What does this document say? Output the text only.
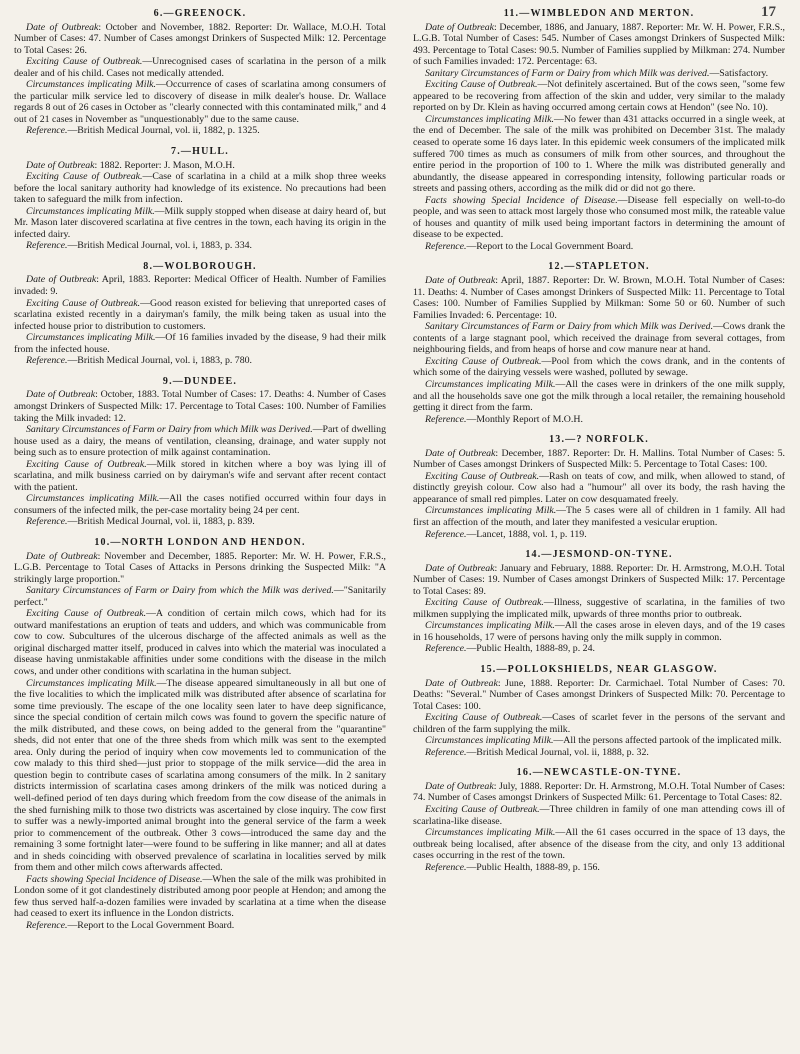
17
6.—GREENOCK.

Date of Outbreak: October and November, 1882. Reporter: Dr. Wallace, M.O.H. Total Number of Cases: 47. Number of Cases amongst Drinkers of Suspected Milk: 12. Percentage to Total Cases: 26.

Exciting Cause of Outbreak.—Unrecognised cases of scarlatina in the person of a milk dealer and of his child. Cases not medically attended.

Circumstances implicating Milk.—Occurrence of cases of scarlatina among consumers of the particular milk service led to discovery of disease in milk dealer's house. Dr. Wallace regards 8 out of 26 cases in October as "clearly connected with this contaminated milk," and 4 out of 21 cases in November as "unquestionably" due to the same cause.

Reference.—British Medical Journal, vol. ii, 1882, p. 1325.

7.—HULL.

Date of Outbreak: 1882. Reporter: J. Mason, M.O.H.

Exciting Cause of Outbreak.—Case of scarlatina in a child at a milk shop three weeks before the local sanitary authority had knowledge of its existence. No precautions had been taken to safeguard the milk from infection.

Circumstances implicating Milk.—Milk supply stopped when disease at dairy heard of, but Mr. Mason later discovered scarlatina at five centres in the town, each having its origin in the infected dairy.

Reference.—British Medical Journal, vol. i, 1883, p. 334.

8.—WOLBOROUGH.

Date of Outbreak: April, 1883. Reporter: Medical Officer of Health. Number of Families invaded: 9.

Exciting Cause of Outbreak.—Good reason existed for believing that unreported cases of scarlatina existed recently in a dairyman's family, the milk being taken as usual into the infected house prior to distribution to customers.

Circumstances implicating Milk.—Of 16 families invaded by the disease, 9 had their milk from the infected house.

Reference.—British Medical Journal, vol. i, 1883, p. 780.

9.—DUNDEE.

Date of Outbreak: October, 1883. Total Number of Cases: 17. Deaths: 4. Number of Cases amongst Drinkers of Suspected Milk: 17. Percentage to Total Cases: 100. Number of Families taking the Milk invaded: 12.

Sanitary Circumstances of Farm or Dairy from which Milk was Derived.—Part of dwelling house used as a dairy, the means of ventilation, cleansing, drainage, and water supply not being such as to ensure protection of milk against contamination.

Exciting Cause of Outbreak.—Milk stored in kitchen where a boy was lying ill of scarlatina, and milk business carried on by dairyman's wife and servant after recent contact with the patient.

Circumstances implicating Milk.—All the cases notified occurred within four days in consumers of the infected milk, the per-case mortality being 24 per cent.

Reference.—British Medical Journal, vol. ii, 1883, p. 839.

10.—NORTH LONDON AND HENDON.

Date of Outbreak: November and December, 1885. Reporter: Mr. W. H. Power, F.R.S., L.G.B. Percentage to Total Cases of Attacks in Persons drinking the Suspected Milk: "A strikingly large proportion."

Sanitary Circumstances of Farm or Dairy from which the Milk was derived.—"Sanitarily perfect."

Exciting Cause of Outbreak.—A condition of certain milch cows, which had for its outward manifestations an eruption of teats and udders, and which was communicable from cow to cow. Subcultures of the ulcerous discharge of the affected animals as well as the original discharged matter itself, produced in calves into which the material was inoculated a disease having unmistakable affinities under some conditions with the disease in the milch cows, and under other conditions with scarlatina in the human subject.

Circumstances implicating Milk.—The disease appeared simultaneously in all but one of the five localities to which the implicated milk was distributed after absence of scarlatina for some time previously. The escape of the one locality seen later to have deep significance, since the special condition of certain milch cows was found to govern the specific nature of the milk distributed, and these cows, on being added to the general from the "quarantine" sheds, did not enter that one of the three sheds from which milk was sent to the exempted area. Only during the period of inquiry when cow movements led to communication of the cow malady to this third shed—just prior to stoppage of the milk service—did the area in question begin to contribute cases of scarlatina among consumers of the milk. In 2 sanitary districts intermission of scarlatina cases among drinkers of the milk was noticed during a well-defined period of ten days during which freedom from the cow disease of the animals in the shed furnishing milk to those two districts was ascertained by close inquiry. The cow first to suffer was a newly-imported animal brought into the general service of the farm a week prior to commencement of the outbreak. Other 3 cows—introduced the same day and the remaining 3 some fortnight later—were found to be suffering in like manner; and all at dates and in sheds coinciding with observed prevalence of scarlatina in localities served by milk from them and other milch cows afterwards affected.

Facts showing Special Incidence of Disease.—When the sale of the milk was prohibited in London some of it got clandestinely distributed among poor people at Hendon; and among the few thus served half-a-dozen families were invaded by scarlatina at a time when the disease had ceased to exert its influence in the London districts.

Reference.—Report to the Local Government Board.

11.—WIMBLEDON AND MERTON.

Date of Outbreak: December, 1886, and January, 1887. Reporter: Mr. W. H. Power, F.R.S., L.G.B. Total Number of Cases: 545. Number of Cases amongst Drinkers of Suspected Milk: 493. Percentage to Total Cases: 90.5. Number of Families supplied by Milkman: 274. Number of such Families invaded: 172. Percentage: 63.

Sanitary Circumstances of Farm or Dairy from which Milk was derived.—Satisfactory.

Exciting Cause of Outbreak.—Not definitely ascertained. But of the cows seen, "some few appeared to be recovering from affection of the skin and udder, very similar to the malady reported on by Dr. Klein as having occurred among certain cows at Hendon" (see No. 10).

Circumstances implicating Milk.—No fewer than 431 attacks occurred in a single week, at the end of December. The sale of the milk was prohibited on December 31st. The malady ceased to operate some 16 days later. In this epidemic week consumers of the implicated milk suffered 700 times as much as consumers of milk from other sources, and throughout the entire period in the proportion of 100 to 1. Where the milk was distributed generally and abundantly, the disease appeared in corresponding intensity, following particular roads or streets and passing others, according as the milk did or did not go there.

Facts showing Special Incidence of Disease.—Disease fell especially on well-to-do people, and was seen to attack most largely those who consumed most milk, the rateable value of houses and quantity of milk used being important factors in determining the amount of disease to be expected.

Reference.—Report to the Local Government Board.

12.—STAPLETON.

Date of Outbreak: April, 1887. Reporter: Dr. W. Brown, M.O.H. Total Number of Cases: 11. Deaths: 4. Number of Cases amongst Drinkers of Suspected Milk: 11. Percentage to Total Cases: 100. Number of Families Supplied by Milkman: Some 50 or 60. Number of such Families Invaded: 6. Percentage: 10.

Sanitary Circumstances of Farm or Dairy from which Milk was Derived.—Cows drank the contents of a large stagnant pool, which received the drainage from several cottages, from neighbouring fields, and from heaps of horse and cow manure near at hand.

Exciting Cause of Outbreak.—Pool from which the cows drank, and in the contents of which some of the dairying vessels were washed, polluted by sewage.

Circumstances implicating Milk.—All the cases were in drinkers of the one milk supply, and all the households save one got the milk through a local retailer, the remaining household getting it direct from the farm.

Reference.—Monthly Report of M.O.H.

13.—? NORFOLK.

Date of Outbreak: December, 1887. Reporter: Dr. H. Mallins. Total Number of Cases: 5. Number of Cases amongst Drinkers of Suspected Milk: 5. Percentage to Total Cases: 100.

Exciting Cause of Outbreak.—Rash on teats of cow, and milk, when allowed to stand, of distinctly greyish colour. Cow also had a "humour" all over its body, the rash having the appearance of small red pimples. Later on cow desquamated freely.

Circumstances implicating Milk.—The 5 cases were all of children in 1 family. All had first an affection of the mouth, and later they manifested a vesicular eruption.

Reference.—Lancet, 1888, vol. 1, p. 119.

14.—JESMOND-ON-TYNE.

Date of Outbreak: January and February, 1888. Reporter: Dr. H. Armstrong, M.O.H. Total Number of Cases: 19. Number of Cases amongst Drinkers of Suspected Milk: 17. Percentage to Total Cases: 89.

Exciting Cause of Outbreak.—Illness, suggestive of scarlatina, in the families of two milkmen supplying the implicated milk, upwards of three months prior to outbreak.

Circumstances implicating Milk.—All the cases arose in eleven days, and of the 19 cases in 16 households, 17 were of persons having only the milk supply in common.

Reference.—Public Health, 1888-89, p. 24.

15.—POLLOKSHIELDS, NEAR GLASGOW.

Date of Outbreak: June, 1888. Reporter: Dr. Carmichael. Total Number of Cases: 70. Deaths: "Several." Number of Cases amongst Drinkers of Suspected Milk: 70. Percentage to Total Cases: 100.

Exciting Cause of Outbreak.—Cases of scarlet fever in the persons of the servant and children of the farm supplying the milk.

Circumstances implicating Milk.—All the persons affected partook of the implicated milk.

Reference.—British Medical Journal, vol. ii, 1888, p. 32.

16.—NEWCASTLE-ON-TYNE.

Date of Outbreak: July, 1888. Reporter: Dr. H. Armstrong, M.O.H. Total Number of Cases: 74. Number of Cases amongst Drinkers of Suspected Milk: 61. Percentage to Total Cases: 82.

Exciting Cause of Outbreak.—Three children in family of one man attending cows ill of scarlatina-like disease.

Circumstances implicating Milk.—All the 61 cases occurred in the space of 13 days, the outbreak being localised, after absence of the disease from the city, and only 13 additional cases occurring in the rest of the town.

Reference.—Public Health, 1888-89, p. 156.
